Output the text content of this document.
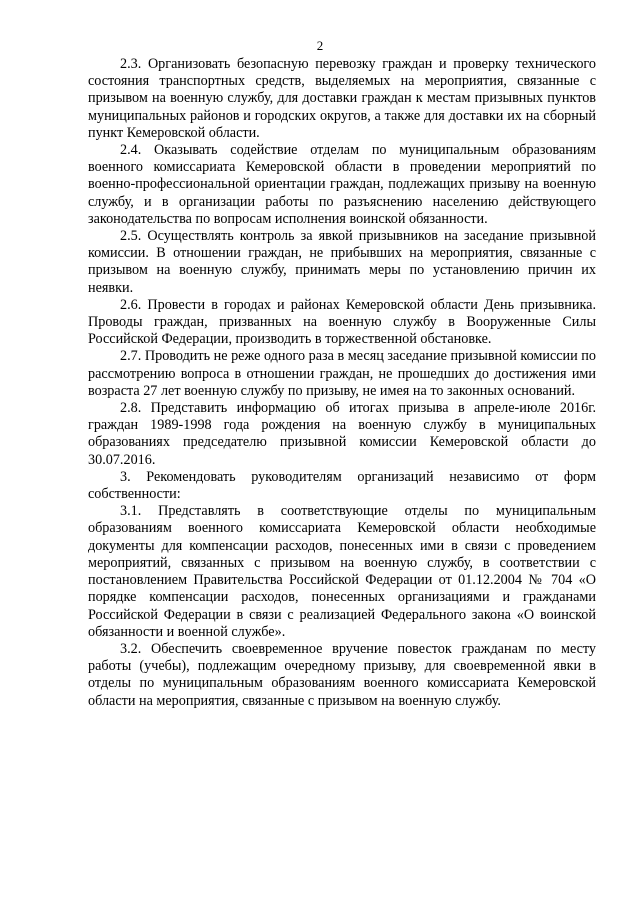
2

2.3. Организовать безопасную перевозку граждан и проверку технического состояния транспортных средств, выделяемых на мероприятия, связанные с призывом на военную службу, для доставки граждан к местам призывных пунктов муниципальных районов и городских округов, а также для доставки их на сборный пункт Кемеровской области.

2.4. Оказывать содействие отделам по муниципальным образованиям военного комиссариата Кемеровской области в проведении мероприятий по военно-профессиональной ориентации граждан, подлежащих призыву на военную службу, и в организации работы по разъяснению населению действующего законодательства по вопросам исполнения воинской обязанности.

2.5. Осуществлять контроль за явкой призывников на заседание призывной комиссии. В отношении граждан, не прибывших на мероприятия, связанные с призывом на военную службу, принимать меры по установлению причин их неявки.

2.6. Провести в городах и районах Кемеровской области День призывника. Проводы граждан, призванных на военную службу в Вооруженные Силы Российской Федерации, производить в торжественной обстановке.

2.7. Проводить не реже одного раза в месяц заседание призывной комиссии по рассмотрению вопроса в отношении граждан, не прошедших до достижения ими возраста 27 лет военную службу по призыву, не имея на то законных оснований.

2.8. Представить информацию об итогах призыва в апреле-июле 2016г. граждан 1989-1998 года рождения на военную службу в муниципальных образованиях председателю призывной комиссии Кемеровской области до 30.07.2016.

3. Рекомендовать руководителям организаций независимо от форм собственности:

3.1. Представлять в соответствующие отделы по муниципальным образованиям военного комиссариата Кемеровской области необходимые документы для компенсации расходов, понесенных ими в связи с проведением мероприятий, связанных с призывом на военную службу, в соответствии с постановлением Правительства Российской Федерации от 01.12.2004 № 704 «О порядке компенсации расходов, понесенных организациями и гражданами Российской Федерации в связи с реализацией Федерального закона «О воинской обязанности и военной службе».

3.2. Обеспечить своевременное вручение повесток гражданам по месту работы (учебы), подлежащим очередному призыву, для своевременной явки в отделы по муниципальным образованиям военного комиссариата Кемеровской области на мероприятия, связанные с призывом на военную службу.
